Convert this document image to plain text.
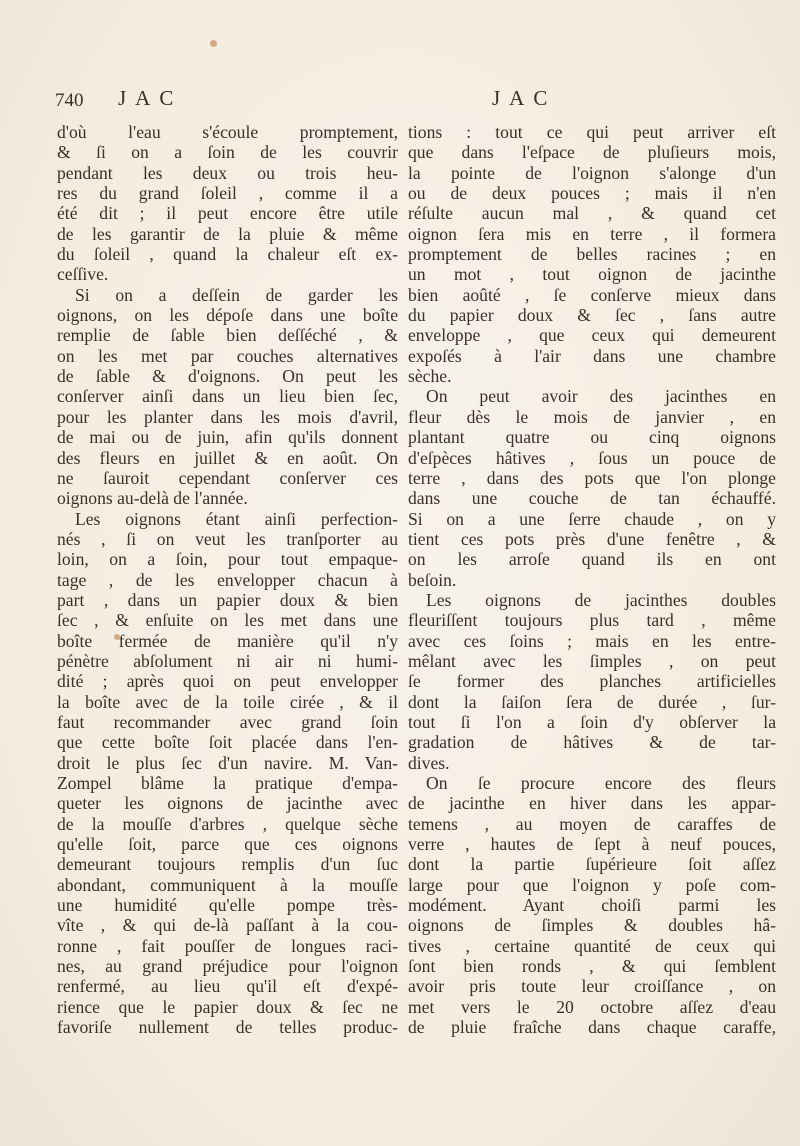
740 JAC	JAC
d'où l'eau s'écoule promptement,
& ſi on a ſoin de les couvrir
pendant les deux ou trois heu-
res du grand ſoleil , comme il a
été dit ; il peut encore être utile
de les garantir de la pluie & même
du ſoleil , quand la chaleur eſt ex-
ceſſive.
Si on a deſſein de garder les
oignons, on les dépoſe dans une boîte
remplie de ſable bien deſſéché , &
on les met par couches alternatives
de ſable & d'oignons. On peut les
conſerver ainſi dans un lieu bien ſec,
pour les planter dans les mois d'avril,
de mai ou de juin, afin qu'ils donnent
des fleurs en juillet & en août. On
ne ſauroit cependant conſerver ces
oignons au-delà de l'année.
Les oignons étant ainſi perfection-
nés , ſi on veut les tranſporter au
loin, on a ſoin, pour tout empaque-
tage , de les envelopper chacun à
part , dans un papier doux & bien
ſec , & enſuite on les met dans une
boîte fermée de manière qu'il n'y
pénètre abſolument ni air ni humi-
dité ; après quoi on peut envelopper
la boîte avec de la toile cirée , & il
faut recommander avec grand ſoin
que cette boîte ſoit placée dans l'en-
droit le plus ſec d'un navire. M. Van-
Zompel blâme la pratique d'empa-
queter les oignons de jacinthe avec
de la mouſſe d'arbres , quelque sèche
qu'elle ſoit, parce que ces oignons
demeurant toujours remplis d'un ſuc
abondant, communiquent à la mouſſe
une humidité qu'elle pompe très-
vîte , & qui de-là paſſant à la cou-
ronne , fait pouſſer de longues raci-
nes, au grand préjudice pour l'oignon
renfermé, au lieu qu'il eſt d'expé-
rience que le papier doux & ſec ne
favoriſe nullement de telles produc-
tions : tout ce qui peut arriver eſt
que dans l'eſpace de pluſieurs mois,
la pointe de l'oignon s'alonge d'un
ou de deux pouces ; mais il n'en
réſulte aucun mal , & quand cet
oignon ſera mis en terre , il formera
promptement de belles racines ; en
un mot , tout oignon de jacinthe
bien aoûté , ſe conſerve mieux dans
du papier doux & ſec , ſans autre
enveloppe , que ceux qui demeurent
expoſés à l'air dans une chambre
sèche.
On peut avoir des jacinthes en
fleur dès le mois de janvier , en
plantant quatre ou cinq oignons
d'eſpèces hâtives , ſous un pouce de
terre , dans des pots que l'on plonge
dans une couche de tan échauffé.
Si on a une ſerre chaude , on y
tient ces pots près d'une fenêtre , &
on les arroſe quand ils en ont
beſoin.
Les oignons de jacinthes doubles
fleuriſſent toujours plus tard , même
avec ces ſoins ; mais en les entre-
mêlant avec les ſimples , on peut
ſe former des planches artificielles
dont la ſaiſon ſera de durée , ſur-
tout ſi l'on a ſoin d'y obſerver la
gradation de hâtives & de tar-
dives.
On ſe procure encore des fleurs
de jacinthe en hiver dans les appar-
temens , au moyen de caraffes de
verre , hautes de ſept à neuf pouces,
dont la partie ſupérieure ſoit aſſez
large pour que l'oignon y poſe com-
modément. Ayant choiſi parmi les
oignons de ſimples & doubles hâ-
tives , certaine quantité de ceux qui
ſont bien ronds , & qui ſemblent
avoir pris toute leur croiſſance , on
met vers le 20 octobre aſſez d'eau
de pluie fraîche dans chaque caraffe,
